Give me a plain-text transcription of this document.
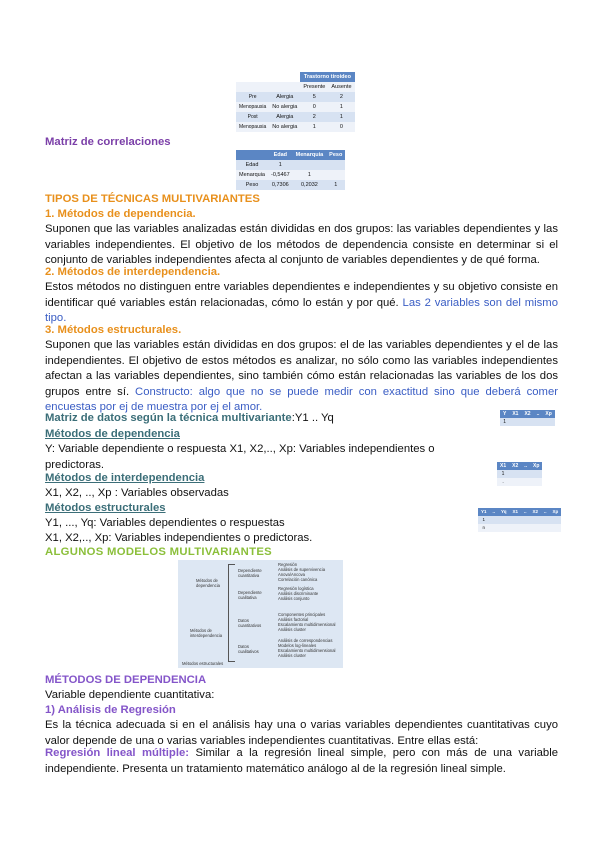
		Trastorno tiroideo	
		Presente	Ausente
Pre	Alergia	5	2
Menopausia	No alergia	0	1
Post	Alergia	2	1
Menopausia	No alergia	1	0
Matriz de correlaciones
	Edad	Menarquia	Peso
Edad	1		
Menarquia	-0,5467	1	
Peso	0,7306	0,2032	1
TIPOS DE TÉCNICAS MULTIVARIANTES
1. Métodos de dependencia.
Suponen que las variables analizadas están divididas en dos grupos: las variables dependientes y las variables independientes. El objetivo de los métodos de dependencia consiste en determinar si el conjunto de variables independientes afecta al conjunto de variables dependientes y de qué forma.
2. Métodos de interdependencia.
Estos métodos no distinguen entre variables dependientes e independientes y su objetivo consiste en identificar qué variables están relacionadas, cómo lo están y por qué. Las 2 variables son del mismo tipo.
3. Métodos estructurales.
Suponen que las variables están divididas en dos grupos: el de las variables dependientes y el de las independientes. El objetivo de estos métodos es analizar, no sólo como las variables independientes afectan a las variables dependientes, sino también cómo están relacionadas las variables de los dos grupos entre sí. Constructo: algo que no se puede medir con exactitud sino que deberá comer encuestas por ej de muestra por ej el amor.
Matriz de datos según la técnica multivariante:Y1 .. Yq
Métodos de dependencia
Y: Variable dependiente o respuesta X1, X2,.., Xp: Variables independientes o predictoras.
Métodos de interdependencia
X1, X2, .., Xp : Variables observadas
Métodos estructurales
Y1, ..., Yq: Variables dependientes o respuestas
X1, X2,.., Xp: Variables independientes o predictoras.
ALGUNOS MODELOS MULTIVARIANTES
Y	X1	X2	..	Xp
1				

X1	X2	..	Xp
1			

.			
Y1	..	Yq	X1	..	X2	..	Xp
1							

n							
Métodos de dependencia
Métodos de interdependencia
Dependiente cuantitativa
Dependiente cualitativa
Datos cuantitativos
Datos cualitativos
Regresión
Análisis de supervivencia
Anova/Ancova
Correlación canónica
Regresión logística
Análisis discriminante
Análisis conjunto
Componentes principales
Análisis factorial
Escalamiento multidimensional
Análisis cluster
Análisis de correspondencias
Modelos log-lineales
Escalamiento multidimensional
Análisis cluster
Métodos estructurales
MÉTODOS DE DEPENDENCIA
Variable dependiente cuantitativa:
1) Análisis de Regresión
Es la técnica adecuada si en el análisis hay una o varias variables dependientes cuantitativas cuyo valor depende de una o varias variables independientes cuantitativas. Entre ellas está:
Regresión lineal múltiple: Similar a la regresión lineal simple, pero con más de una variable independiente. Presenta un tratamiento matemático análogo al de la regresión lineal simple.
